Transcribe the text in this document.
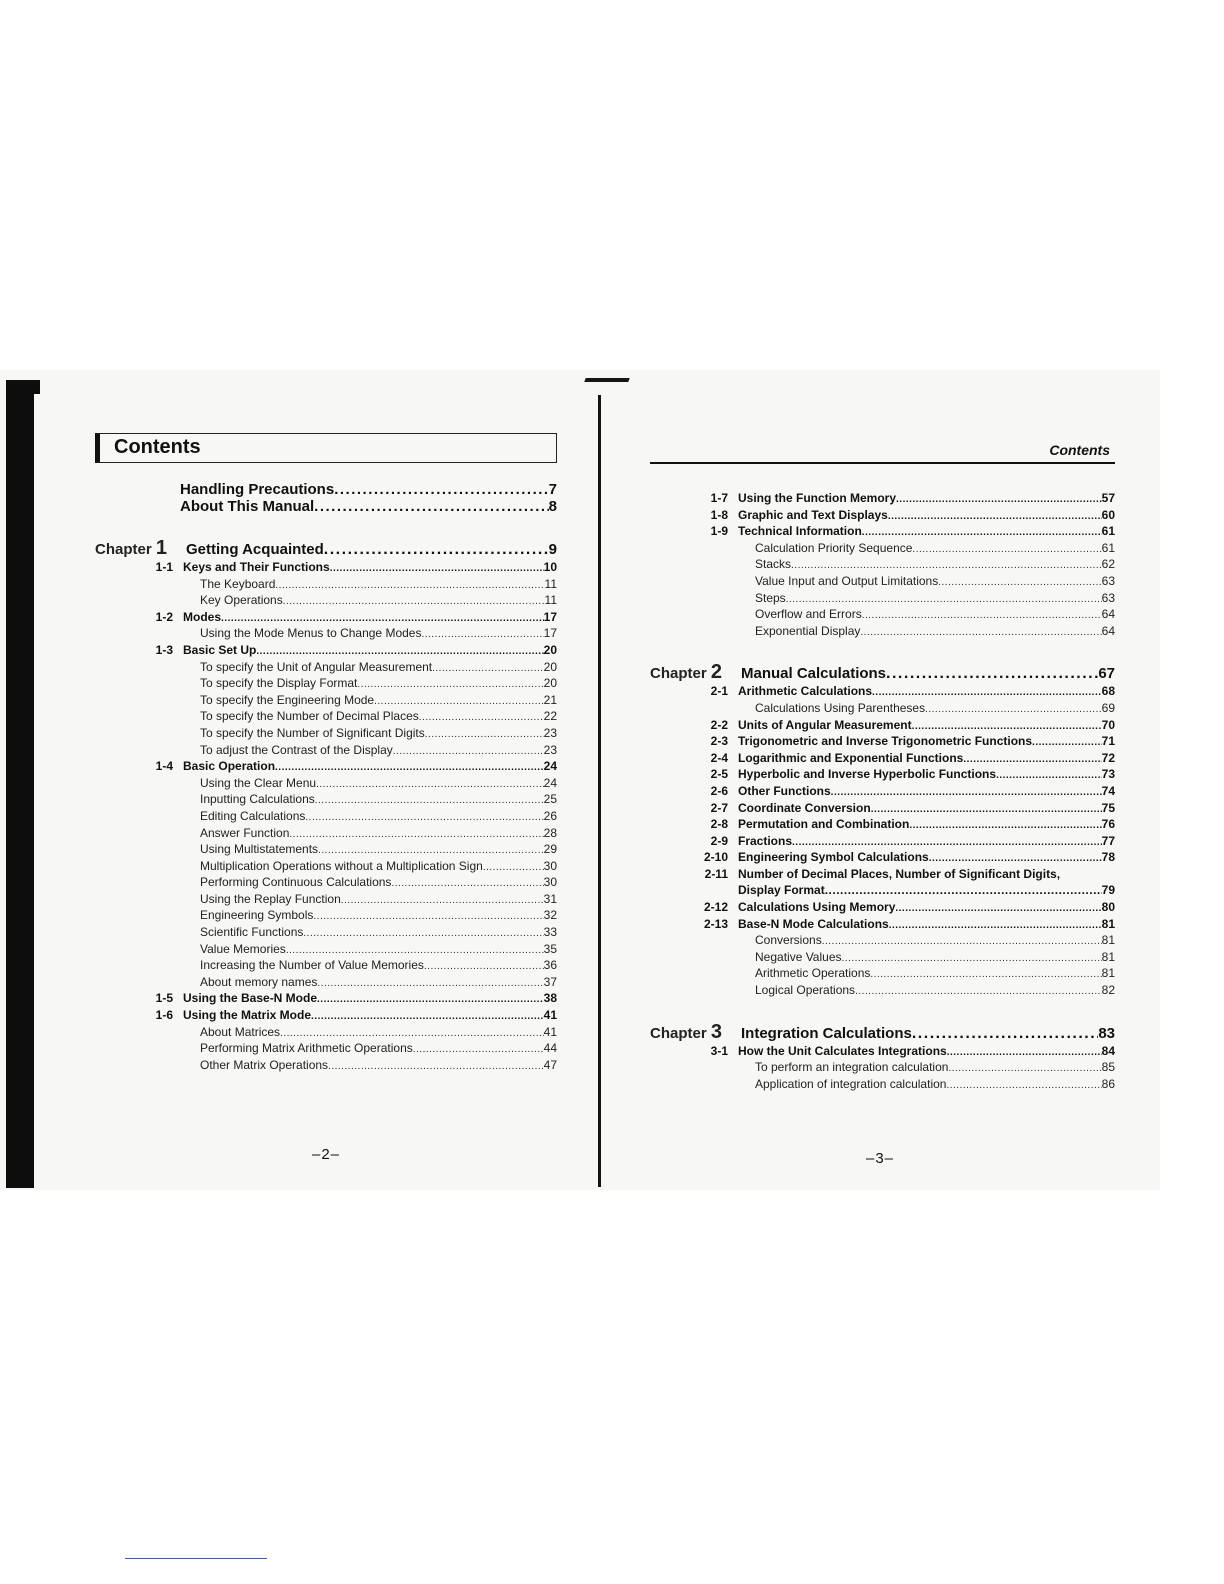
Contents
Handling Precautions .....	7
About This Manual .....	8
Chapter 1	Getting Acquainted .....	9
1-1 Keys and Their Functions .....	10
The Keyboard .....	11
Key Operations .....	11
1-2 Modes .....	17
Using the Mode Menus to Change Modes .....	17
1-3 Basic Set Up .....	20
To specify the Unit of Angular Measurement .....	20
To specify the Display Format .....	20
To specify the Engineering Mode .....	21
To specify the Number of Decimal Places .....	22
To specify the Number of Significant Digits .....	23
To adjust the Contrast of the Display .....	23
1-4 Basic Operation .....	24
Using the Clear Menu .....	24
Inputting Calculations .....	25
Editing Calculations .....	26
Answer Function .....	28
Using Multistatements .....	29
Multiplication Operations without a Multiplication Sign .....	30
Performing Continuous Calculations .....	30
Using the Replay Function .....	31
Engineering Symbols .....	32
Scientific Functions .....	33
Value Memories .....	35
Increasing the Number of Value Memories .....	36
About memory names .....	37
1-5 Using the Base-N Mode .....	38
1-6 Using the Matrix Mode .....	41
About Matrices .....	41
Performing Matrix Arithmetic Operations .....	44
Other Matrix Operations .....	47
Contents
1-7 Using the Function Memory .....	57
1-8 Graphic and Text Displays .....	60
1-9 Technical Information .....	61
Calculation Priority Sequence .....	61
Stacks .....	62
Value Input and Output Limitations .....	63
Steps .....	63
Overflow and Errors .....	64
Exponential Display .....	64
Chapter 2	Manual Calculations .....	67
2-1 Arithmetic Calculations .....	68
Calculations Using Parentheses .....	69
2-2 Units of Angular Measurement .....	70
2-3 Trigonometric and Inverse Trigonometric Functions .....	71
2-4 Logarithmic and Exponential Functions .....	72
2-5 Hyperbolic and Inverse Hyperbolic Functions .....	73
2-6 Other Functions .....	74
2-7 Coordinate Conversion .....	75
2-8 Permutation and Combination .....	76
2-9 Fractions .....	77
2-10 Engineering Symbol Calculations .....	78
2-11 Number of Decimal Places, Number of Significant Digits,
Display Format .....	79
2-12 Calculations Using Memory .....	80
2-13 Base-N Mode Calculations .....	81
Conversions .....	81
Negative Values .....	81
Arithmetic Operations .....	81
Logical Operations .....	82
Chapter 3	Integration Calculations .....	83
3-1 How the Unit Calculates Integrations .....	84
To perform an integration calculation .....	85
Application of integration calculation .....	86
–2–	–3–
